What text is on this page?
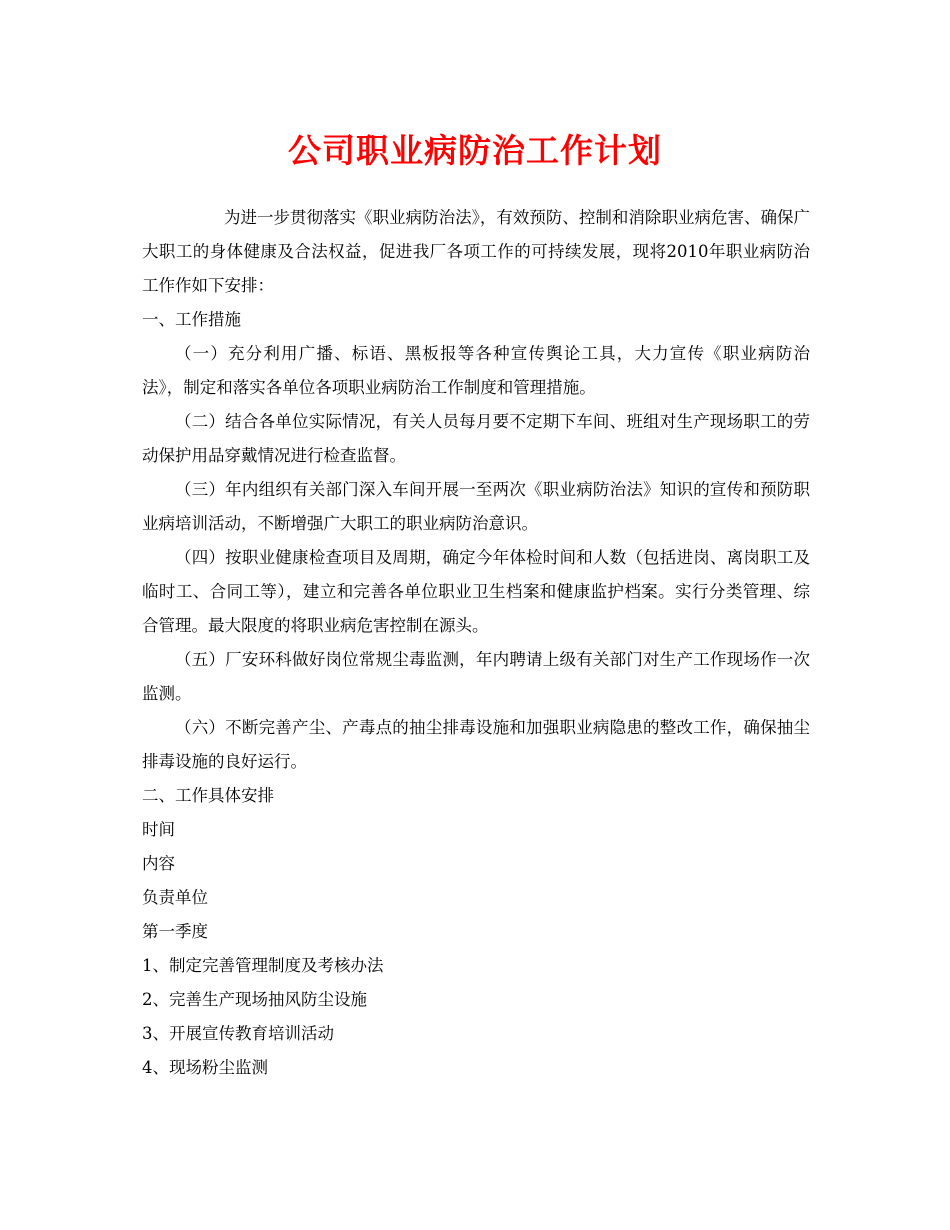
公司职业病防治工作计划

为进一步贯彻落实《职业病防治法》，有效预防、控制和消除职业病危害、确保广大职工的身体健康及合法权益，促进我厂各项工作的可持续发展，现将2010年职业病防治工作作如下安排：

一、工作措施

（一）充分利用广播、标语、黑板报等各种宣传舆论工具，大力宣传《职业病防治法》，制定和落实各单位各项职业病防治工作制度和管理措施。

（二）结合各单位实际情况，有关人员每月要不定期下车间、班组对生产现场职工的劳动保护用品穿戴情况进行检查监督。

（三）年内组织有关部门深入车间开展一至两次《职业病防治法》知识的宣传和预防职业病培训活动，不断增强广大职工的职业病防治意识。

（四）按职业健康检查项目及周期，确定今年体检时间和人数（包括进岗、离岗职工及临时工、合同工等），建立和完善各单位职业卫生档案和健康监护档案。实行分类管理、综合管理。最大限度的将职业病危害控制在源头。

（五）厂安环科做好岗位常规尘毒监测，年内聘请上级有关部门对生产工作现场作一次监测。

（六）不断完善产尘、产毒点的抽尘排毒设施和加强职业病隐患的整改工作，确保抽尘排毒设施的良好运行。

二、工作具体安排

时间

内容

负责单位

第一季度

1、制定完善管理制度及考核办法

2、完善生产现场抽风防尘设施

3、开展宣传教育培训活动

4、现场粉尘监测
